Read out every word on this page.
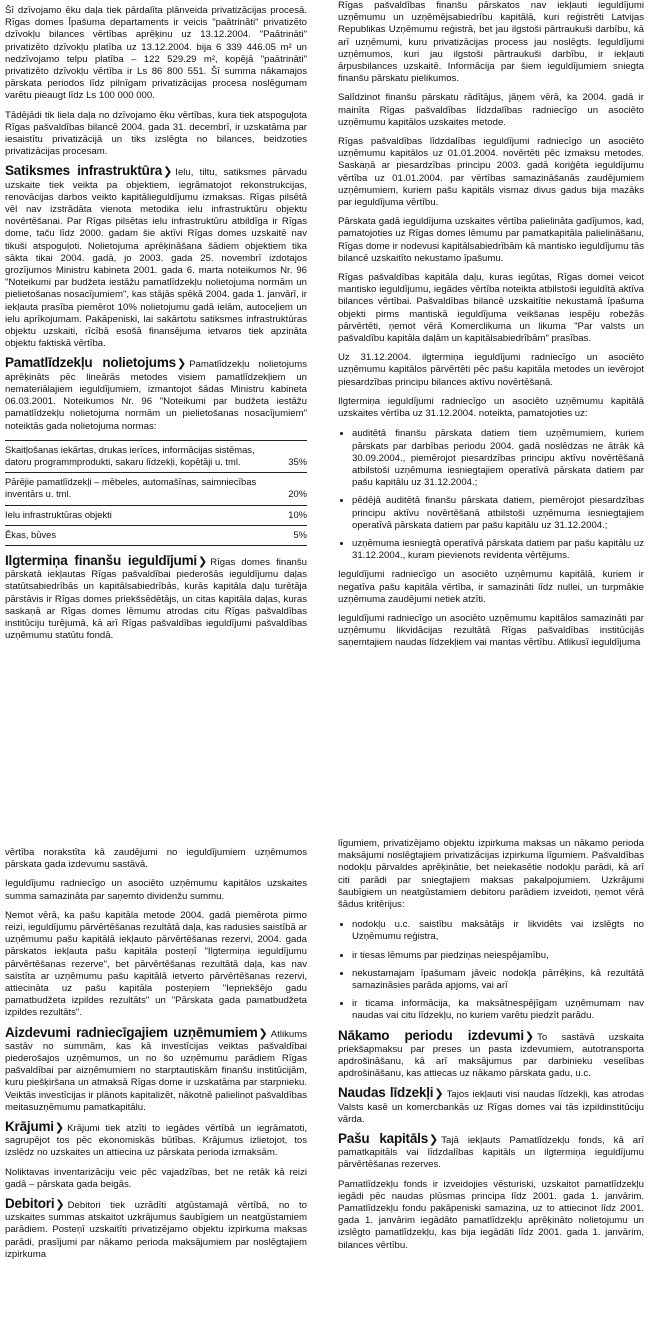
Šī dzīvojamo ēku daļa tiek pārdalīta plānveida privatizācijas procesā. Rīgas domes Īpašuma departaments ir veicis "paātrināti" privatizēto dzīvokļu bilances vērtības aprēķinu uz 13.12.2004. "Paātrināti" privatizēto dzīvokļu platība uz 13.12.2004. bija 6 339 446.05 m² un nedzīvojamo telpu platība – 122 529.29 m², kopējā "paātrināti" privatizēto dzīvokļu vērtība ir Ls 86 800 551. Šī summa nākamajos pārskata periodos līdz pilnīgam privatizācijas procesa noslēgumam varētu pieaugt līdz Ls 100 000 000.

Tādējādi tik liela daļa no dzīvojamo ēku vērtības, kura tiek atspoguļota Rīgas pašvaldības bilancē 2004. gada 31. decembrī, ir uzskatāma par iesaistītu privatizācijā un tiks izslēgta no bilances, beidzoties privatizācijas procesam.

Satiksmes infrastruktūra❯ Ielu, tiltu, satiksmes pārvadu uzskaite tiek veikta pa objektiem, iegrāmatojot rekonstrukcijas, renovācijas darbos veikto kapitālieguldījumu izmaksas. Rīgas pilsētā vēl nav izstrādāta vienota metodika ielu infrastruktūru objektu novērtēšanai. Par Rīgas pilsētas ielu infrastruktūru atbildīga ir Rīgas dome, taču līdz 2000. gadam šie aktīvi Rīgas domes uzskaitē nav tikuši atspoguļoti. Nolietojuma aprēķināšana šādiem objektiem tika sākta tikai 2004. gadā, jo 2003. gada 25. novembrī izdotajos grozījumos Ministru kabineta 2001. gada 6. marta noteikumos Nr. 96 "Noteikumi par budžeta iestāžu pamatlīdzekļu nolietojuma normām un pielietošanas nosacījumiem", kas stājās spēkā 2004. gada 1. janvārī, ir iekļauta prasība piemērot 10% nolietojumu gadā ielām, autoceļiem un ielu aprīkojumam. Pakāpeniski, lai sakārtotu satiksmes infrastruktūras objektu uzskaiti, rīcībā esošā finansējuma ietvaros tiek apzināta objektu faktiskā vērtība.

Pamatlīdzekļu nolietojums❯ Pamatlīdzekļu nolietojums aprēķināts pēc lineārās metodes visiem pamatlīdzekļiem un nemateriālajiem ieguldījumiem, izmantojot šādas Ministru kabineta 06.03.2001. Noteikumos Nr. 96 "Noteikumi par budžeta iestāžu pamatlīdzekļu nolietojuma normām un pielietošanas nosacījumiem" noteiktās gada nolietojuma normas:

Skaitļošanas iekārtas, drukas ierīces, informācijas sistēmas, datoru programmprodukti, sakaru līdzekļi, kopētāji u. tml.	35%
Pārējie pamatlīdzekļi – mēbeles, automašīnas, saimniecības inventārs u. tml.	20%
Ielu infrastruktūras objekti	10%
Ēkas, būves	5%

Ilgtermiņa finanšu ieguldījumi❯ Rīgas domes finanšu pārskatā iekļautas Rīgas pašvaldībai piederošās ieguldījumu daļas statūtsabiedrībās un kapitālsabiedrībās, kurās kapitāla daļu turētāja pārstāvis ir Rīgas domes priekšsēdētājs, un citas kapitāla daļas, kuras saskaņā ar Rīgas domes lēmumu atrodas citu Rīgas pašvaldības institūciju turējumā, kā arī Rīgas pašvaldības ieguldījumi pašvaldības uzņēmumu statūtu fondā.

Rīgas pašvaldības finanšu pārskatos nav iekļauti ieguldījumi uzņēmumu un uzņēmējsabiedrību kapitālā, kuri reģistrēti Latvijas Republikas Uzņēmumu reģistrā, bet jau ilgstoši pārtraukuši darbību, kā arī uzņēmumi, kuru privatizācijas process jau noslēgts. Ieguldījumi uzņēmumos, kuri jau ilgstoši pārtraukuši darbību, ir iekļauti ārpusbilances uzskaitē. Informācija par šiem ieguldījumiem sniegta finanšu pārskatu pielikumos.

Salīdzinot finanšu pārskatu rādītājus, jāņem vērā, ka 2004. gadā ir mainīta Rīgas pašvaldības līdzdalības radniecīgo un asociēto uzņēmumu kapitālos uzskaites metode.

Rīgas pašvaldības līdzdalības ieguldījumi radniecīgo un asociēto uzņēmumu kapitālos uz 01.01.2004. novērtēti pēc izmaksu metodes. Saskaņā ar piesardzības principu 2003. gadā koriģēta ieguldījumu vērtība uz 01.01.2004. par vērtības samazināšanās zaudējumiem uzņēmumiem, kuriem pašu kapitāls vismaz divus gadus bija mazāks par ieguldījuma vērtību.

Pārskata gadā ieguldījuma uzskaites vērtība palielināta gadījumos, kad, pamatojoties uz Rīgas domes lēmumu par pamatkapitāla palielināšanu, Rīgas dome ir nodevusi kapitālsabiedrībām kā mantisko ieguldījumu tās bilancē uzskaitīto nekustamo īpašumu.

Rīgas pašvaldības kapitāla daļu, kuras iegūtas, Rīgas domei veicot mantisko ieguldījumu, iegādes vērtība noteikta atbilstoši ieguldītā aktīva bilances vērtībai. Pašvaldības bilancē uzskaitītie nekustamā īpašuma objekti pirms mantiskā ieguldījuma veikšanas iespēju robežās pārvērtēti, ņemot vērā Komerclikuma un likuma "Par valsts un pašvaldību kapitāla daļām un kapitālsabiedrībām" prasības.

Uz 31.12.2004. ilgtermiņa ieguldījumi radniecīgo un asociēto uzņēmumu kapitālos pārvērtēti pēc pašu kapitāla metodes un ievērojot piesardzības principu bilances aktīvu novērtēšanā.

Ilgtermiņa ieguldījumi radniecīgo un asociēto uzņēmumu kapitālā uzskaites vērtība uz 31.12.2004. noteikta, pamatojoties uz:

• auditētā finanšu pārskata datiem tiem uzņēmumiem, kuriem pārskats par darbības periodu 2004. gadā noslēdzas ne ātrāk kā 30.09.2004., piemērojot piesardzības principu aktīvu novērtēšanā atbilstoši uzņēmuma iesniegtajiem operatīvā pārskata datiem par pašu kapitālu uz 31.12.2004.;
• pēdējā auditētā finanšu pārskata datiem, piemērojot piesardzības principu aktīvu novērtēšanā atbilstoši uzņēmuma iesniegtajiem operatīvā pārskata datiem par pašu kapitālu uz 31.12.2004.;
• uzņēmuma iesniegtā operatīvā pārskata datiem par pašu kapitālu uz 31.12.2004., kuram pievienots revidenta vērtējums.

Ieguldījumi radniecīgo un asociēto uzņēmumu kapitālā, kuriem ir negatīva pašu kapitāla vērtība, ir samazināti līdz nullei, un turpmākie uzņēmuma zaudējumi netiek atzīti.

Ieguldījumi radniecīgo un asociēto uzņēmumu kapitālos samazināti par uzņēmumu likvidācijas rezultātā Rīgas pašvaldības institūcijās saņemtajiem naudas līdzekļiem vai mantas vērtību. Atlikusī ieguldījuma

vērtība norakstīta kā zaudējumi no ieguldījumiem uzņēmumos pārskata gada izdevumu sastāvā.

Ieguldījumu radniecīgo un asociēto uzņēmumu kapitālos uzskaites summa samazināta par saņemto dividenžu summu.

Ņemot vērā, ka pašu kapitāla metode 2004. gadā piemērota pirmo reizi, ieguldījumu pārvērtēšanas rezultātā daļa, kas radusies saistībā ar uzņēmumu pašu kapitālā iekļauto pārvērtēšanas rezervi, 2004. gada pārskatos iekļauta pašu kapitāla posteņī "Ilgtermiņa ieguldījumu pārvērtēšanas rezerve", bet pārvērtēšanas rezultātā daļa, kas nav saistīta ar uzņēmumu pašu kapitālā ietverto pārvērtēšanas rezervi, attiecināta uz pašu kapitāla posteņiem "Iepriekšējo gadu pamatbudžeta izpildes rezultāts" un "Pārskata gada pamatbudžeta izpildes rezultāts".

Aizdevumi radniecīgajiem uzņēmumiem❯ Atlikums sastāv no summām, kas kā investīcijas veiktas pašvaldībai piederošajos uzņēmumos, un no šo uzņēmumu parādiem Rīgas pašvaldībai par aizņēmumiem no starptautiskām finanšu institūcijām, kuru piešķiršana un atmaksā Rīgas dome ir uzskatāma par starpnieku. Veiktās investīcijas ir plānots kapitalizēt, nākotnē palielinot pašvaldības meitasuzņēmumu pamatkapitālu.

Krājumi❯ Krājumi tiek atzīti to iegādes vērtībā un iegrāmatoti, sagrupējot tos pēc ekonomiskās būtības. Krājumus izlietojot, tos izslēdz no uzskaites un attiecina uz pārskata perioda izmaksām.

Noliktavas inventarizāciju veic pēc vajadzības, bet ne retāk kā reizi gadā – pārskata gada beigās.

Debitori❯ Debitori tiek uzrādīti atgūstamajā vērtībā, no to uzskaites summas atskaitot uzkrājumus šaubīgiem un neatgūstamiem parādiem. Posteņī uzskaitīti privatizējamo objektu izpirkuma maksas parādi, prasījumi par nākamo perioda maksājumiem par noslēgtajiem izpirkuma

līgumiem, privatizējamo objektu izpirkuma maksas un nākamo perioda maksājumi noslēgtajiem privatizācijas izpirkuma līgumiem. Pašvaldības nodokļu pārvaldes aprēķinātie, bet neiekasētie nodokļu parādi, kā arī citi parādi par sniegtajiem maksas pakalpojumiem. Uzkrājumi šaubīgiem un neatgūstamiem debitoru parādiem izveidoti, ņemot vērā šādus kritērijus:

• nodokļu u.c. saistību maksātājs ir likvidēts vai izslēgts no Uzņēmumu reģistra,
• ir tiesas lēmums par piedziņas neiespējamību,
• nekustamajam īpašumam jāveic nodokļa pārrēķins, kā rezultātā samazināsies parāda apjoms, vai arī
• ir ticama informācija, ka maksātnespējīgam uzņēmumam nav naudas vai citu līdzekļu, no kuriem varētu piedzīt parādu.

Nākamo periodu izdevumi❯ To sastāvā uzskaita priekšapmaksu par preses un pasta izdevumiem, autotransporta apdrošināšanu, kā arī maksājumus par darbinieku veselības apdrošināšanu, kas attiecas uz nākamo pārskata gadu, u.c.

Naudas līdzekļi❯ Tajos iekļauti visi naudas līdzekļi, kas atrodas Valsts kasē un komercbankās uz Rīgas domes vai tās izpildinstitūciju vārda.

Pašu kapitāls❯ Tajā iekļauts Pamatlīdzekļu fonds, kā arī pamatkapitāls vai līdzdalības kapitāls un ilgtermiņa ieguldījumu pārvērtēšanas rezerves.

Pamatlīdzekļu fonds ir izveidojies vēsturiski, uzskaitot pamatlīdzekļu iegādi pēc naudas plūsmas principa līdz 2001. gada 1. janvārim. Pamatlīdzekļu fondu pakāpeniski samazina, uz to attiecinot līdz 2001. gada 1. janvārim iegādāto pamatlīdzekļu aprēķināto nolietojumu un izslēgto pamatlīdzekļu, kas bija iegādāti līdz 2001. gada 1. janvārim, bilances vērtību.
